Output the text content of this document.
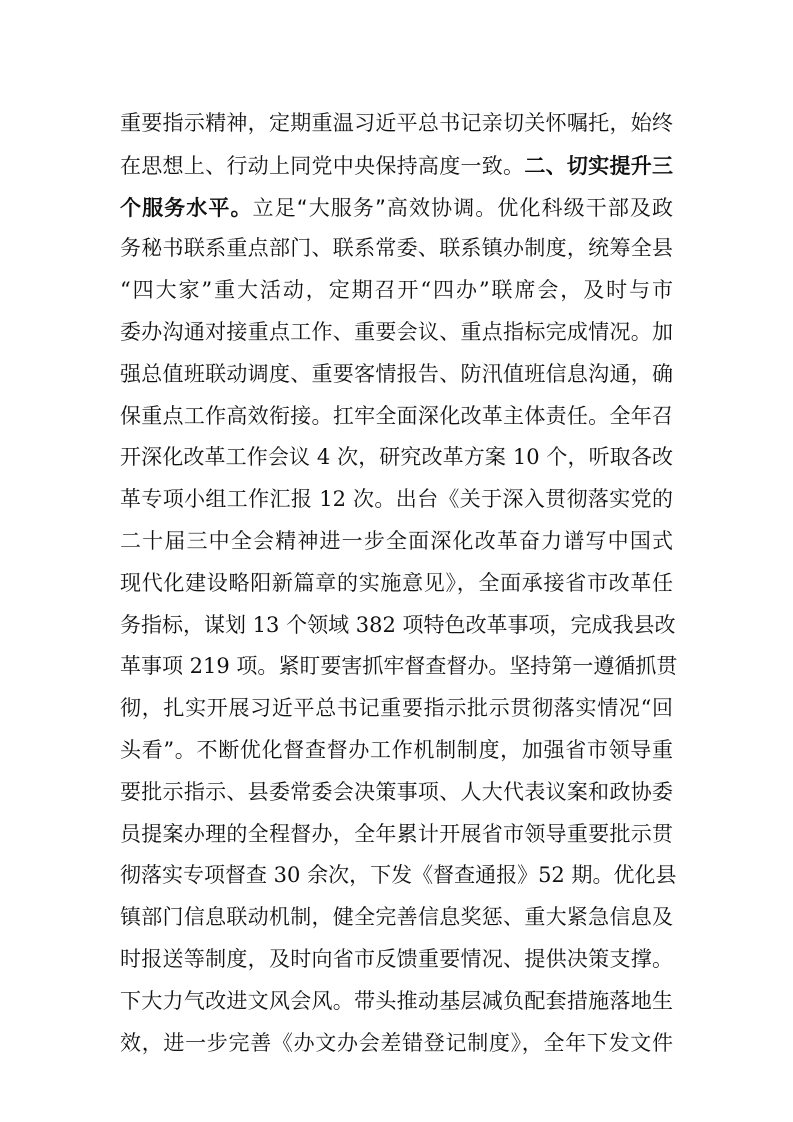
重要指示精神，定期重温习近平总书记亲切关怀嘱托，始终
在思想上、行动上同党中央保持高度一致。二、切实提升三
个服务水平。立足“大服务”高效协调。优化科级干部及政
务秘书联系重点部门、联系常委、联系镇办制度，统筹全县
“四大家”重大活动，定期召开“四办”联席会，及时与市
委办沟通对接重点工作、重要会议、重点指标完成情况。加
强总值班联动调度、重要客情报告、防汛值班信息沟通，确
保重点工作高效衔接。扛牢全面深化改革主体责任。全年召
开深化改革工作会议 4 次，研究改革方案 10 个，听取各改
革专项小组工作汇报 12 次。出台《关于深入贯彻落实党的
二十届三中全会精神进一步全面深化改革奋力谱写中国式
现代化建设略阳新篇章的实施意见》，全面承接省市改革任
务指标，谋划 13 个领域 382 项特色改革事项，完成我县改
革事项 219 项。紧盯要害抓牢督查督办。坚持第一遵循抓贯
彻，扎实开展习近平总书记重要指示批示贯彻落实情况“回
头看”。不断优化督查督办工作机制制度，加强省市领导重
要批示指示、县委常委会决策事项、人大代表议案和政协委
员提案办理的全程督办，全年累计开展省市领导重要批示贯
彻落实专项督查 30 余次，下发《督查通报》52 期。优化县
镇部门信息联动机制，健全完善信息奖惩、重大紧急信息及
时报送等制度，及时向省市反馈重要情况、提供决策支撑。
下大力气改进文风会风。带头推动基层减负配套措施落地生
效，进一步完善《办文办会差错登记制度》，全年下发文件
